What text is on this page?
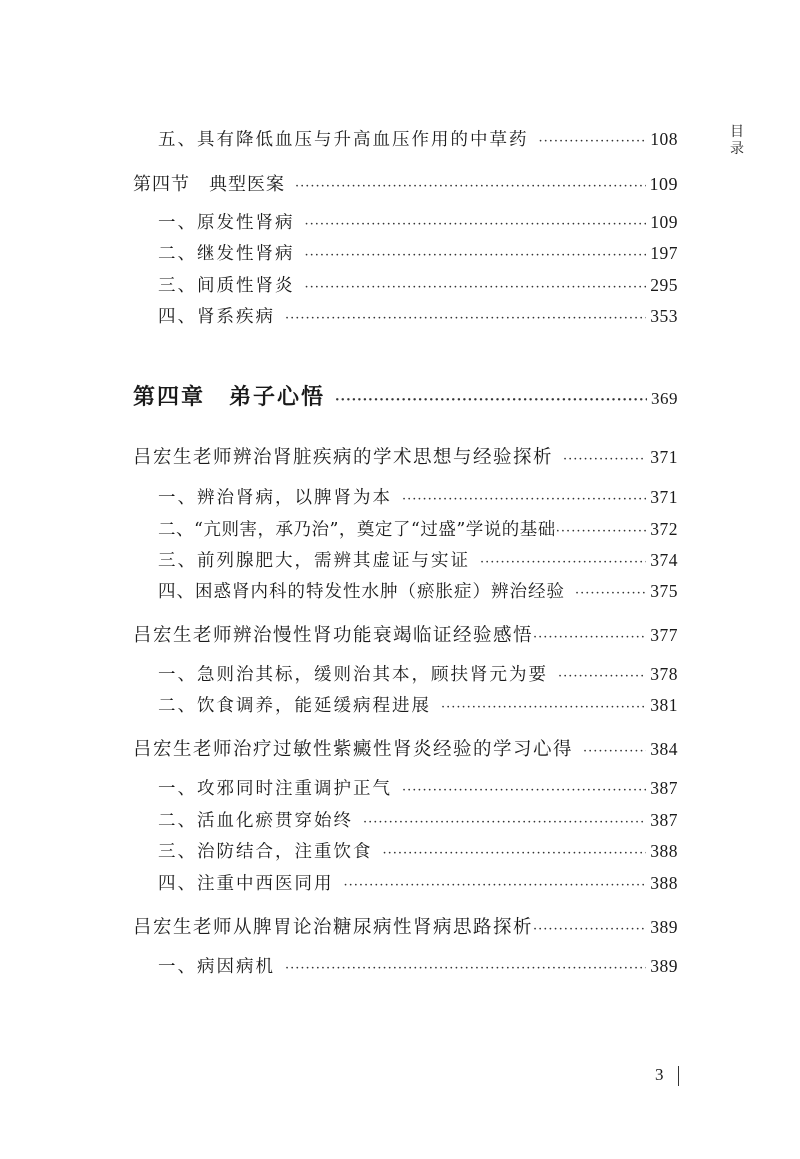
目录
五、具有降低血压与升高血压作用的中草药 ·····	108
第四节　典型医案 ·····	109
一、原发性肾病 ·····	109
二、继发性肾病 ·····	197
三、间质性肾炎 ·····	295
四、肾系疾病 ·····	353
第四章　弟子心悟 ·····	369
吕宏生老师辨治肾脏疾病的学术思想与经验探析 ·····	371
一、辨治肾病，以脾肾为本 ·····	371
二、“亢则害，承乃治”，奠定了“过盛”学说的基础 ·····	372
三、前列腺肥大，需辨其虚证与实证 ·····	374
四、困惑肾内科的特发性水肿（瘀胀症）辨治经验 ·····	375
吕宏生老师辨治慢性肾功能衰竭临证经验感悟 ·····	377
一、急则治其标，缓则治其本，顾扶肾元为要 ·····	378
二、饮食调养，能延缓病程进展 ·····	381
吕宏生老师治疗过敏性紫癜性肾炎经验的学习心得 ·····	384
一、攻邪同时注重调护正气 ·····	387
二、活血化瘀贯穿始终 ·····	387
三、治防结合，注重饮食 ·····	388
四、注重中西医同用 ·····	388
吕宏生老师从脾胃论治糖尿病性肾病思路探析 ·····	389
一、病因病机 ·····	389
3
